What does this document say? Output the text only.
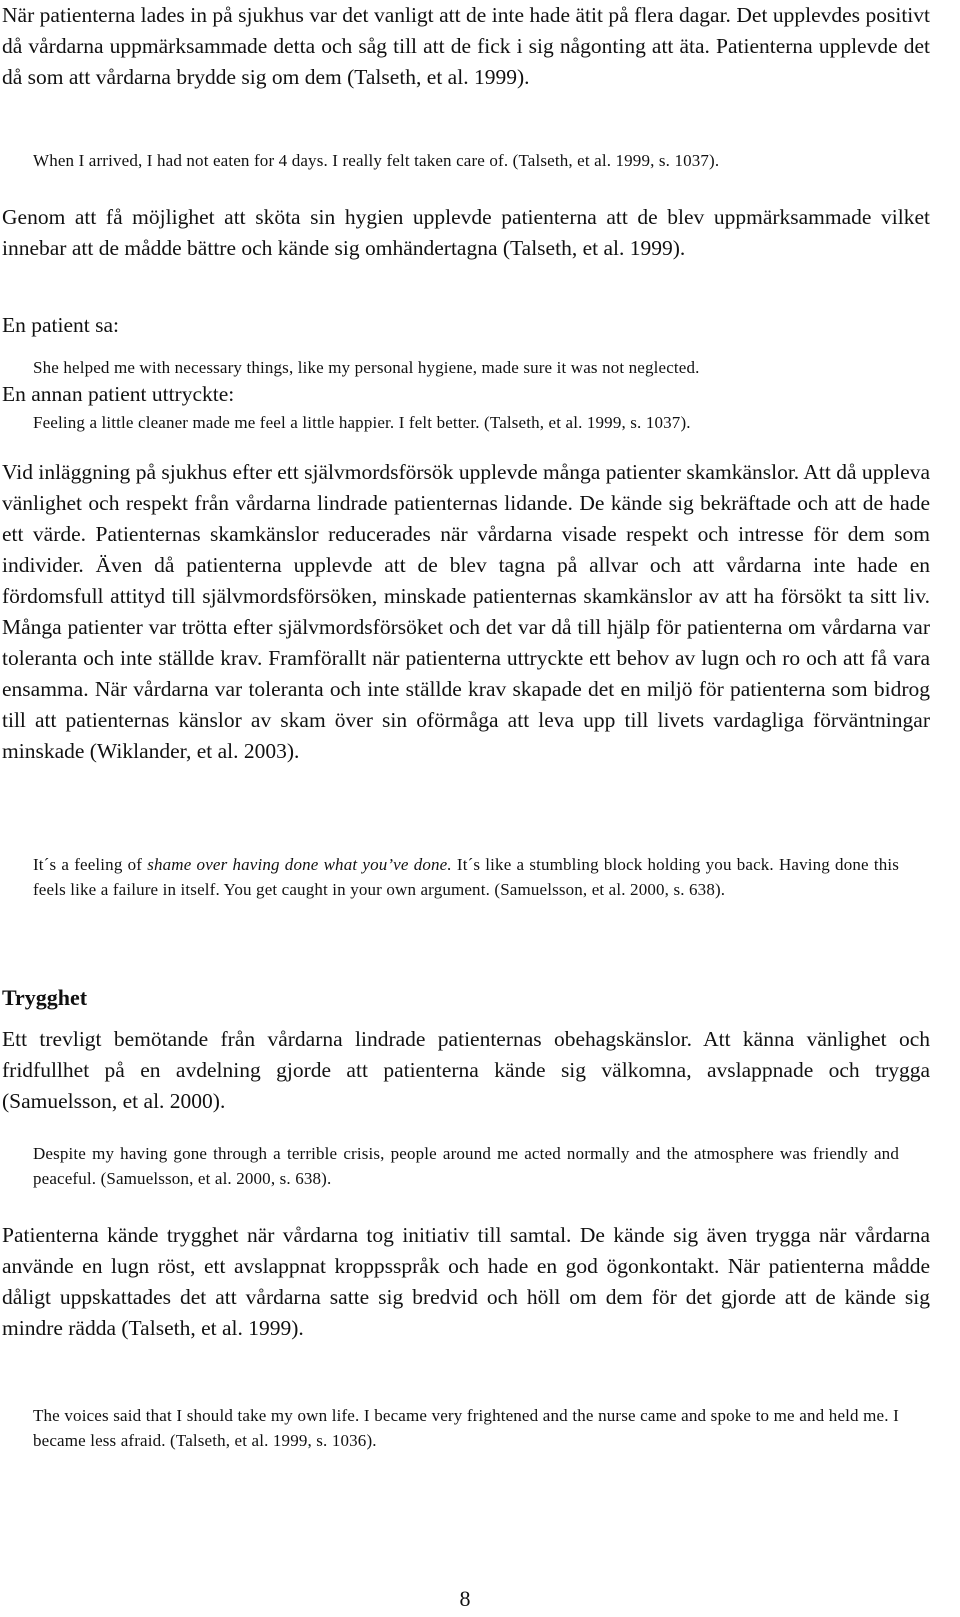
När patienterna lades in på sjukhus var det vanligt att de inte hade ätit på flera dagar. Det upplevdes positivt då vårdarna uppmärksammade detta och såg till att de fick i sig någonting att äta. Patienterna upplevde det då som att vårdarna brydde sig om dem (Talseth, et al. 1999).

When I arrived, I had not eaten for 4 days. I really felt taken care of. (Talseth, et al. 1999, s. 1037).

Genom att få möjlighet att sköta sin hygien upplevde patienterna att de blev uppmärksammade vilket innebar att de mådde bättre och kände sig omhändertagna (Talseth, et al. 1999).

En patient sa:

She helped me with necessary things, like my personal hygiene, made sure it was not neglected.

En annan patient uttryckte:

Feeling a little cleaner made me feel a little happier. I felt better. (Talseth, et al. 1999, s. 1037).

Vid inläggning på sjukhus efter ett självmordsförsök upplevde många patienter skamkänslor. Att då uppleva vänlighet och respekt från vårdarna lindrade patienternas lidande. De kände sig bekräftade och att de hade ett värde. Patienternas skamkänslor reducerades när vårdarna visade respekt och intresse för dem som individer. Även då patienterna upplevde att de blev tagna på allvar och att vårdarna inte hade en fördomsfull attityd till självmordsförsöken, minskade patienternas skamkänslor av att ha försökt ta sitt liv. Många patienter var trötta efter självmordsförsöket och det var då till hjälp för patienterna om vårdarna var toleranta och inte ställde krav. Framförallt när patienterna uttryckte ett behov av lugn och ro och att få vara ensamma. När vårdarna var toleranta och inte ställde krav skapade det en miljö för patienterna som bidrog till att patienternas känslor av skam över sin oförmåga att leva upp till livets vardagliga förväntningar minskade (Wiklander, et al. 2003).

It´s a feeling of shame over having done what you’ve done. It´s like a stumbling block holding you back. Having done this feels like a failure in itself. You get caught in your own argument. (Samuelsson, et al. 2000, s. 638).

Trygghet

Ett trevligt bemötande från vårdarna lindrade patienternas obehagskänslor. Att känna vänlighet och fridfullhet på en avdelning gjorde att patienterna kände sig välkomna, avslappnade och trygga (Samuelsson, et al. 2000).

Despite my having gone through a terrible crisis, people around me acted normally and the atmosphere was friendly and peaceful. (Samuelsson, et al. 2000, s. 638).

Patienterna kände trygghet när vårdarna tog initiativ till samtal. De kände sig även trygga när vårdarna använde en lugn röst, ett avslappnat kroppsspråk och hade en god ögonkontakt. När patienterna mådde dåligt uppskattades det att vårdarna satte sig bredvid och höll om dem för det gjorde att de kände sig mindre rädda (Talseth, et al. 1999).

The voices said that I should take my own life. I became very frightened and the nurse came and spoke to me and held me. I became less afraid. (Talseth, et al. 1999, s. 1036).

8
